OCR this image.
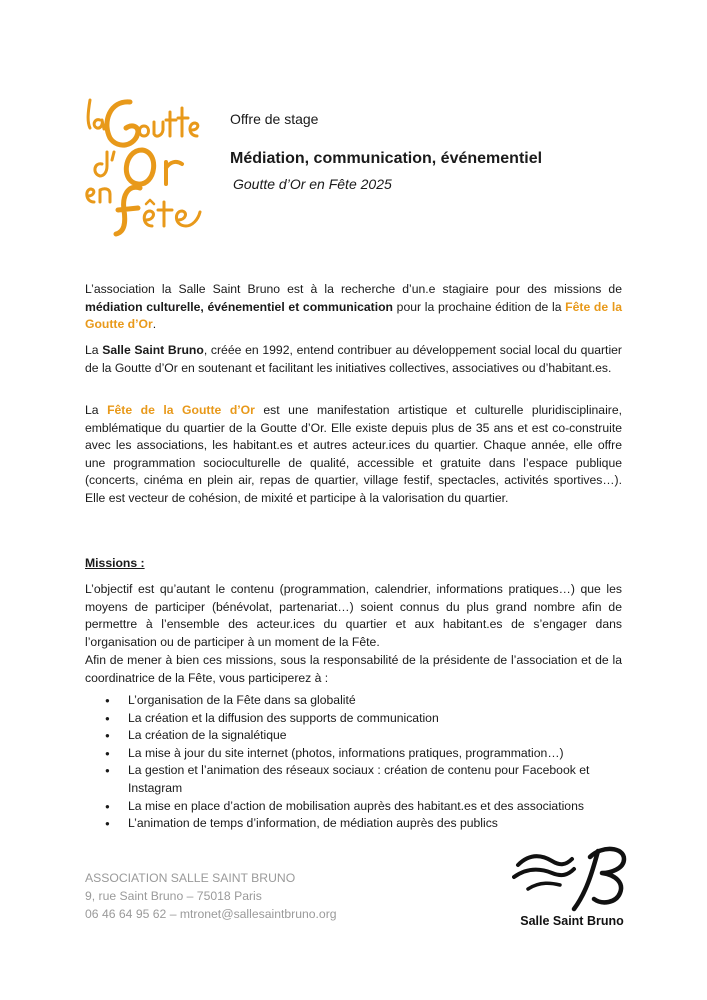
Offre de stage
Médiation, communication, événementiel
Goutte d’Or en Fête 2025

L’association la Salle Saint Bruno est à la recherche d’un.e stagiaire pour des missions de médiation culturelle, événementiel et communication pour la prochaine édition de la Fête de la Goutte d’Or.

La Salle Saint Bruno, créée en 1992, entend contribuer au développement social local du quartier de la Goutte d’Or en soutenant et facilitant les initiatives collectives, associatives ou d’habitant.es.

La Fête de la Goutte d’Or est une manifestation artistique et culturelle pluridisciplinaire, emblématique du quartier de la Goutte d’Or. Elle existe depuis plus de 35 ans et est co-construite avec les associations, les habitant.es et autres acteur.ices du quartier. Chaque année, elle offre une programmation socioculturelle de qualité, accessible et gratuite dans l’espace publique (concerts, cinéma en plein air, repas de quartier, village festif, spectacles, activités sportives…). Elle est vecteur de cohésion, de mixité et participe à la valorisation du quartier.

Missions :

L’objectif est qu’autant le contenu (programmation, calendrier, informations pratiques…) que les moyens de participer (bénévolat, partenariat…) soient connus du plus grand nombre afin de permettre à l’ensemble des acteur.ices du quartier et aux habitant.es de s’engager dans l’organisation ou de participer à un moment de la Fête.

Afin de mener à bien ces missions, sous la responsabilité de la présidente de l’association et de la coordinatrice de la Fête, vous participerez à :

● L’organisation de la Fête dans sa globalité
● La création et la diffusion des supports de communication
● La création de la signalétique
● La mise à jour du site internet (photos, informations pratiques, programmation…)
● La gestion et l’animation des réseaux sociaux : création de contenu pour Facebook et Instagram
● La mise en place d’action de mobilisation auprès des habitant.es et des associations
● L’animation de temps d’information, de médiation auprès des publics
ASSOCIATION SALLE SAINT BRUNO
9, rue Saint Bruno – 75018 Paris
06 46 64 95 62 – mtronet@sallesaintbruno.org	Salle Saint Bruno
